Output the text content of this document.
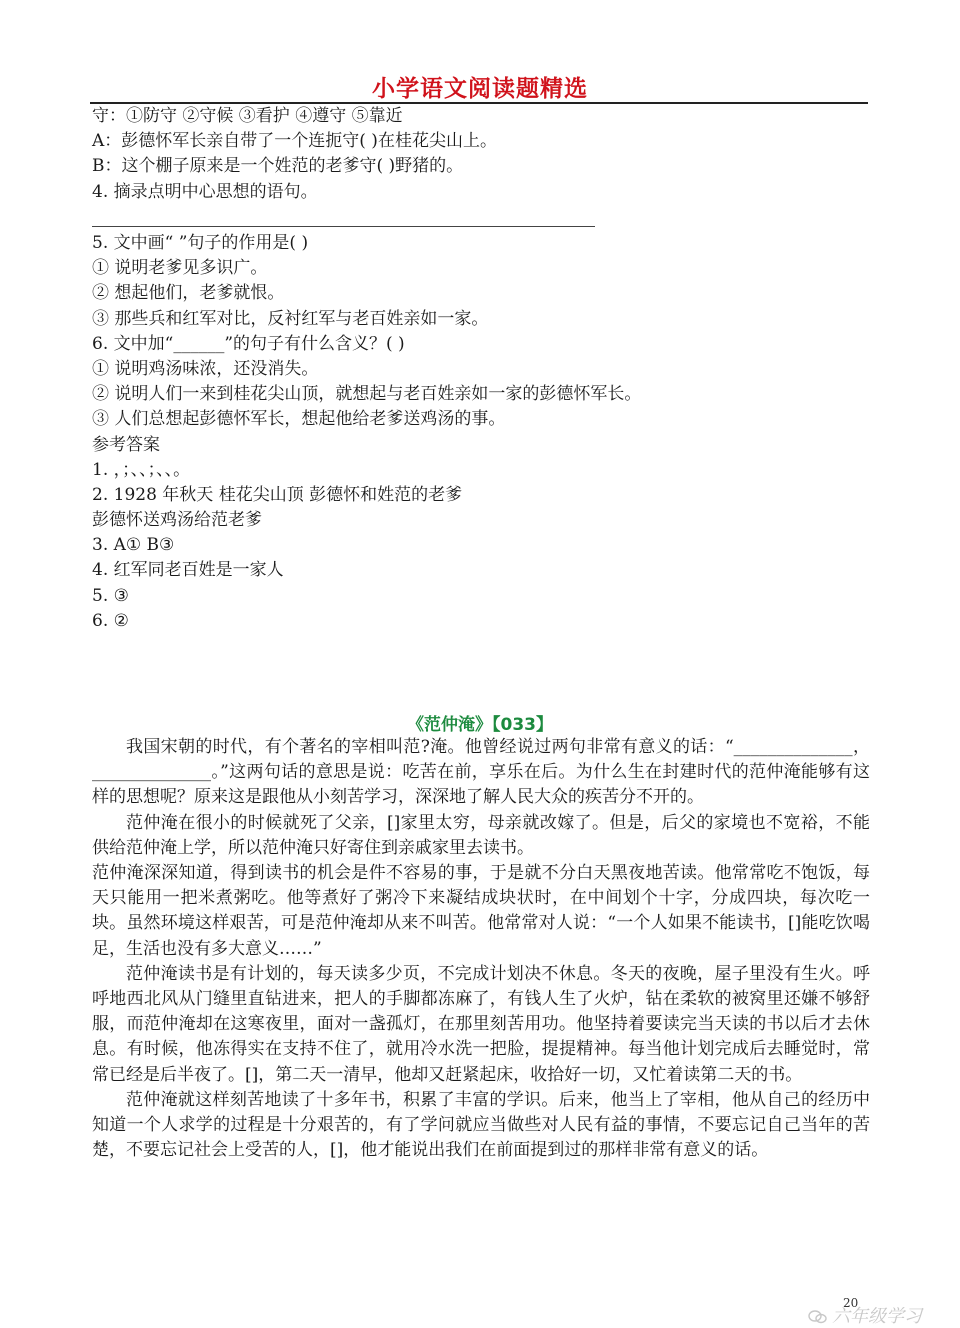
小学语文阅读题精选
守：①防守 ②守候 ③看护 ④遵守 ⑤靠近
A：彭德怀军长亲自带了一个连扼守( )在桂花尖山上。
B：这个棚子原来是一个姓范的老爹守( )野猪的。
4. 摘录点明中心思想的语句。
5. 文中画“ ”句子的作用是( )
① 说明老爹见多识广。
② 想起他们，老爹就恨。
③ 那些兵和红军对比，反衬红军与老百姓亲如一家。
6. 文中加“______”的句子有什么含义？( )
① 说明鸡汤味浓，还没消失。
② 说明人们一来到桂花尖山顶，就想起与老百姓亲如一家的彭德怀军长。
③ 人们总想起彭德怀军长，想起他给老爹送鸡汤的事。
参考答案
1. ，；、、；、、。
2. 1928 年秋天 桂花尖山顶 彭德怀和姓范的老爹
彭德怀送鸡汤给范老爹
3. A① B③
4. 红军同老百姓是一家人
5. ③
6. ②
《范仲淹》【033】

我国宋朝的时代，有个著名的宰相叫范?淹。他曾经说过两句非常有意义的话：“______________，______________。”这两句话的意思是说：吃苦在前，享乐在后。为什么生在封建时代的范仲淹能够有这样的思想呢？原来这是跟他从小刻苦学习，深深地了解人民大众的疾苦分不开的。

范仲淹在很小的时候就死了父亲，[]家里太穷，母亲就改嫁了。但是，后父的家境也不宽裕，不能供给范仲淹上学，所以范仲淹只好寄住到亲戚家里去读书。

范仲淹深深知道，得到读书的机会是件不容易的事，于是就不分白天黑夜地苦读。他常常吃不饱饭，每天只能用一把米煮粥吃。他等煮好了粥冷下来凝结成块状时，在中间划个十字，分成四块，每次吃一块。虽然环境这样艰苦，可是范仲淹却从来不叫苦。他常常对人说：“一个人如果不能读书，[]能吃饮喝足，生活也没有多大意义……”

范仲淹读书是有计划的，每天读多少页，不完成计划决不休息。冬天的夜晚，屋子里没有生火。呼呼地西北风从门缝里直钻进来，把人的手脚都冻麻了，有钱人生了火炉，钻在柔软的被窝里还嫌不够舒服，而范仲淹却在这寒夜里，面对一盏孤灯，在那里刻苦用功。他坚持着要读完当天读的书以后才去休息。有时候，他冻得实在支持不住了，就用冷水洗一把脸，提提精神。每当他计划完成后去睡觉时，常常已经是后半夜了。[]，第二天一清早，他却又赶紧起床，收拾好一切，又忙着读第二天的书。

范仲淹就这样刻苦地读了十多年书，积累了丰富的学识。后来，他当上了宰相，他从自己的经历中知道一个人求学的过程是十分艰苦的，有了学问就应当做些对人民有益的事情，不要忘记自己当年的苦楚，不要忘记社会上受苦的人，[]，他才能说出我们在前面提到过的那样非常有意义的话。

20
六年级学习
